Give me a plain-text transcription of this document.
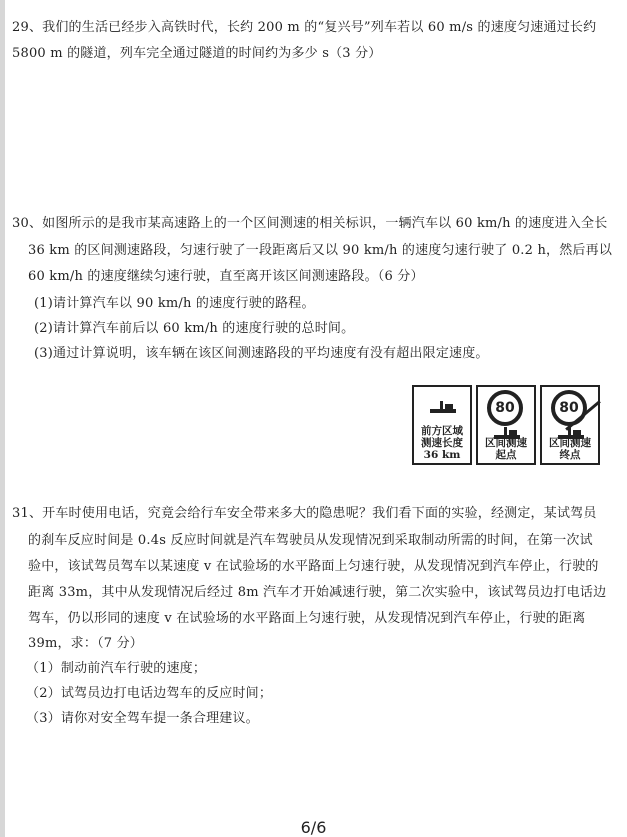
29、我们的生活已经步入高铁时代，长约 200 m 的“复兴号”列车若以 60 m/s 的速度匀速通过长约
5800 m 的隧道，列车完全通过隧道的时间约为多少 s（3 分）
30、如图所示的是我市某高速路上的一个区间测速的相关标识，一辆汽车以 60 km/h 的速度进入全长
36 km 的区间测速路段，匀速行驶了一段距离后又以 90 km/h 的速度匀速行驶了 0.2 h，然后再以
60 km/h 的速度继续匀速行驶，直至离开该区间测速路段。（6 分）
(1)请计算汽车以 90 km/h 的速度行驶的路程。
(2)请计算汽车前后以 60 km/h 的速度行驶的总时间。
(3)通过计算说明，该车辆在该区间测速路段的平均速度有没有超出限定速度。
前方区域
测速长度
36 km
80
区间测速
起点
80
区间测速
终点
31、开车时使用电话，究竟会给行车安全带来多大的隐患呢？我们看下面的实验，经测定，某试驾员
的刹车反应时间是 0.4s 反应时间就是汽车驾驶员从发现情况到采取制动所需的时间，在第一次试
验中，该试驾员驾车以某速度 v 在试验场的水平路面上匀速行驶，从发现情况到汽车停止，行驶的
距离 33m，其中从发现情况后经过 8m 汽车才开始减速行驶，第二次实验中，该试驾员边打电话边
驾车，仍以形同的速度 v 在试验场的水平路面上匀速行驶，从发现情况到汽车停止，行驶的距离
39m，求：（7 分）
（1）制动前汽车行驶的速度；
（2）试驾员边打电话边驾车的反应时间；
（3）请你对安全驾车提一条合理建议。
6/6
